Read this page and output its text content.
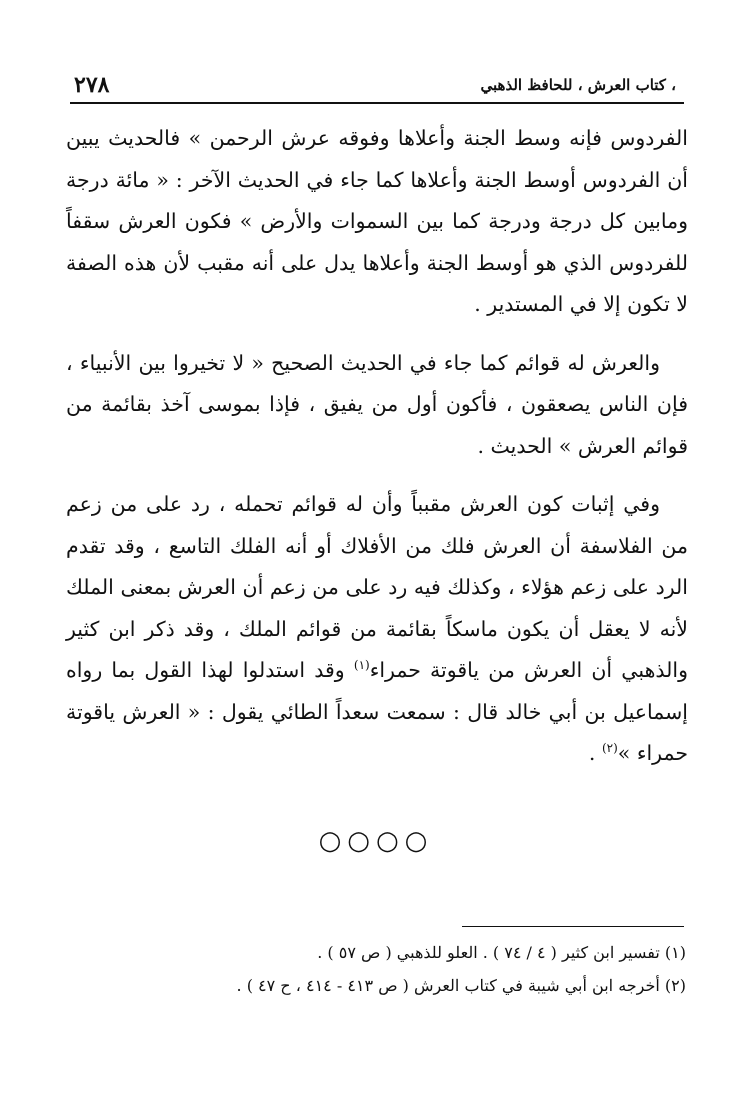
، كتاب العرش ، للحافظ الذهبي
٢٧٨

الفردوس فإنه وسط الجنة وأعلاها وفوقه عرش الرحمن » فالحديث يبين أن الفردوس أوسط الجنة وأعلاها كما جاء في الحديث الآخر : « مائة درجة ومابين كل درجة ودرجة كما بين السموات والأرض » فكون العرش سقفاً للفردوس الذي هو أوسط الجنة وأعلاها يدل على أنه مقبب لأن هذه الصفة لا تكون إلا في المستدير .

والعرش له قوائم كما جاء في الحديث الصحيح « لا تخيروا بين الأنبياء ، فإن الناس يصعقون ، فأكون أول من يفيق ، فإذا بموسى آخذ بقائمة من قوائم العرش » الحديث .

وفي إثبات كون العرش مقبباً وأن له قوائم تحمله ، رد على من زعم من الفلاسفة أن العرش فلك من الأفلاك أو أنه الفلك التاسع ، وقد تقدم الرد على زعم هؤلاء ، وكذلك فيه رد على من زعم أن العرش بمعنى الملك لأنه لا يعقل أن يكون ماسكاً بقائمة من قوائم الملك ، وقد ذكر ابن كثير والذهبي أن العرش من ياقوتة حمراء$^{(١)}$ وقد استدلوا لهذا القول بما رواه إسماعيل بن أبي خالد قال : سمعت سعداً الطائي يقول : « العرش ياقوتة حمراء »$^{(٢)}$ .

○○○○

(١) تفسير ابن كثير ( ٤ / ٧٤ ) . العلو للذهبي ( ص ٥٧ ) .

(٢) أخرجه ابن أبي شيبة في كتاب العرش ( ص ٤١٣ - ٤١٤ ، ح ٤٧ ) .
